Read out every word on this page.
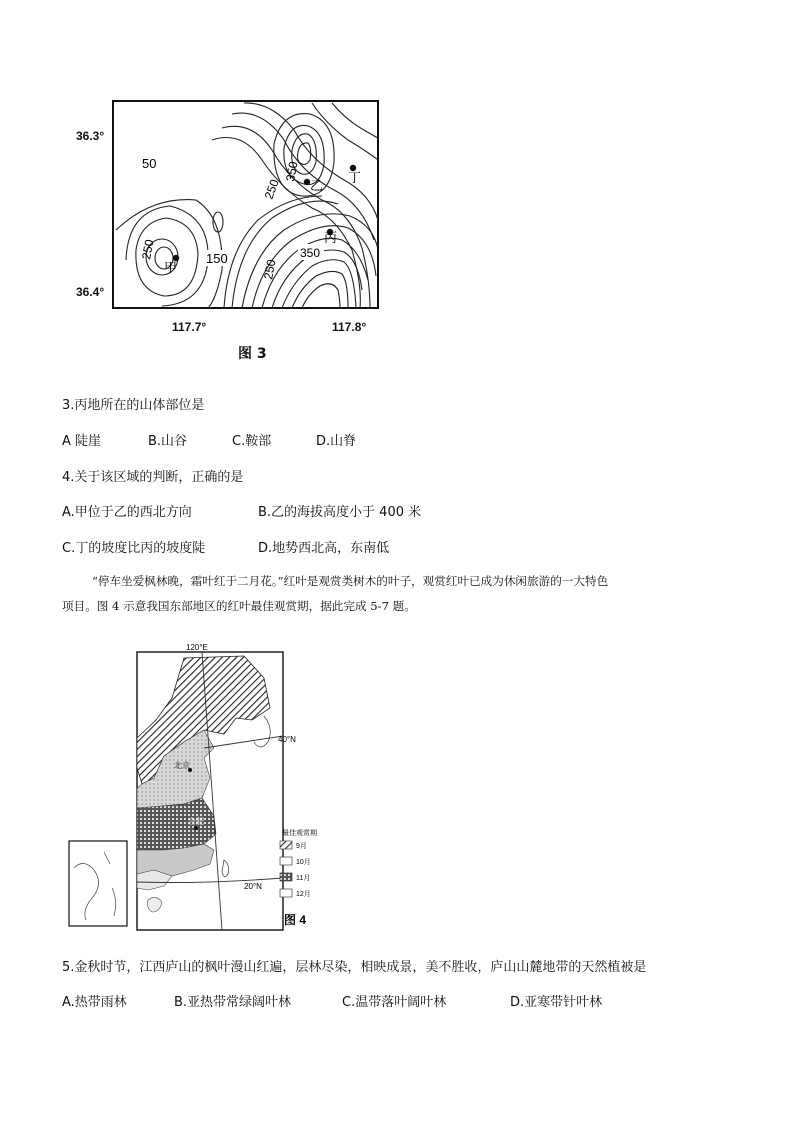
36.3°
36.4°
117.7°	117.8°
50	350
250
250	150	250
350
乙
丁
丙
甲
图 3
3.丙地所在的山体部位是
A 陡崖	B.山谷	C.鞍部	D.山脊
4.关于该区域的判断，正确的是
A.甲位于乙的西北方向	B.乙的海拔高度小于 400 米
C.丁的坡度比丙的坡度陡	D.地势西北高，东南低
“停车坐爱枫林晚，霜叶红于二月花。”红叶是观赏类树木的叶子，观赏红叶已成为休闲旅游的一大特色
项目。图 4 示意我国东部地区的红叶最佳观赏期，据此完成 5-7 题。
120°E
40°N
20°N
北京
合肥
最佳观赏期
9月
10月
11月
12月
图 4
5.金秋时节，江西庐山的枫叶漫山红遍，层林尽染，相映成景，美不胜收，庐山山麓地带的天然植被是
A.热带雨林	B.亚热带常绿阔叶林	C.温带落叶阔叶林	D.亚寒带针叶林
